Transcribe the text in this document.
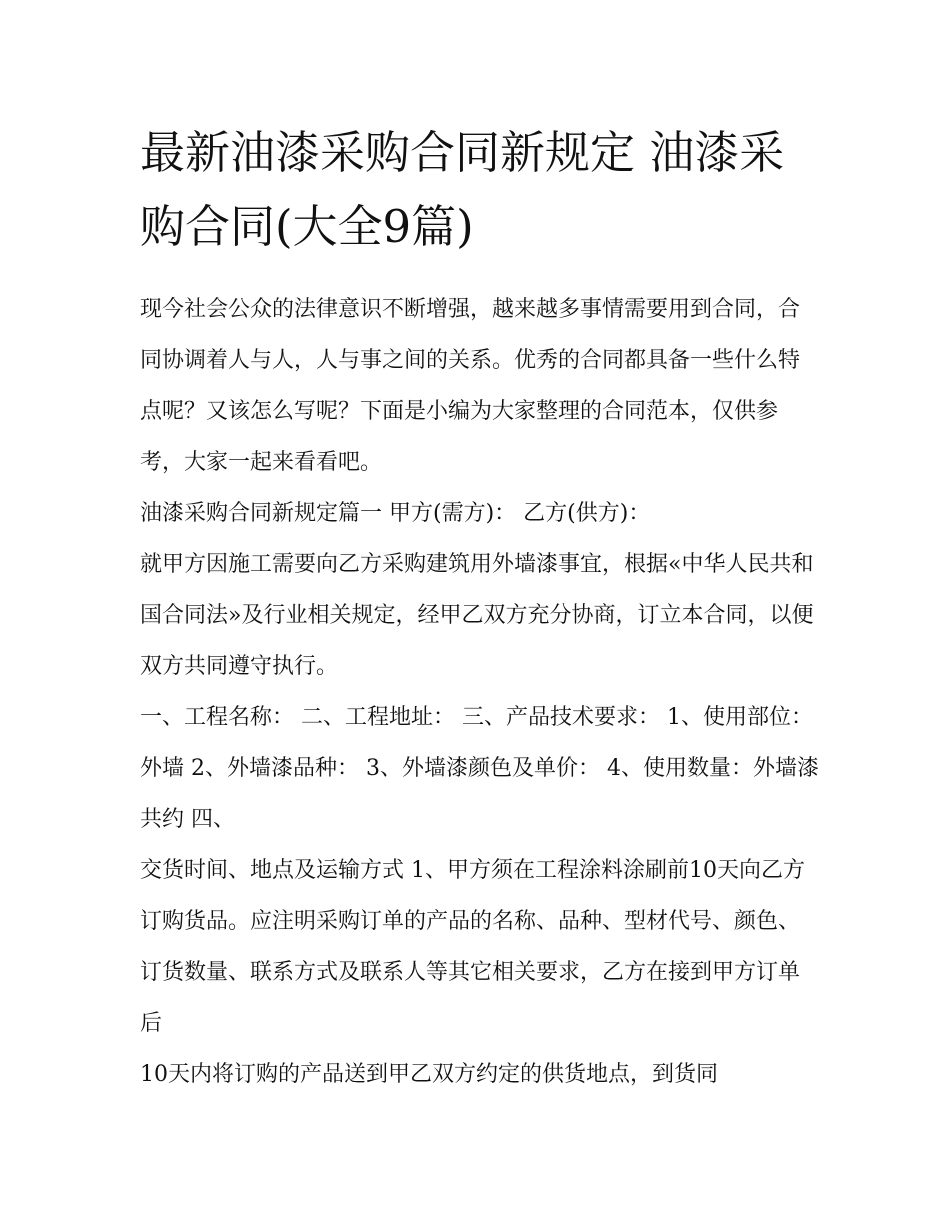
最新油漆采购合同新规定 油漆采购合同(大全9篇)

现今社会公众的法律意识不断增强，越来越多事情需要用到合同，合同协调着人与人，人与事之间的关系。优秀的合同都具备一些什么特点呢？又该怎么写呢？下面是小编为大家整理的合同范本，仅供参考，大家一起来看看吧。

油漆采购合同新规定篇一 甲方(需方)： 乙方(供方)：

就甲方因施工需要向乙方采购建筑用外墙漆事宜，根据«中华人民共和国合同法»及行业相关规定，经甲乙双方充分协商，订立本合同，以便双方共同遵守执行。

一、工程名称： 二、工程地址： 三、产品技术要求： 1、使用部位：外墙 2、外墙漆品种： 3、外墙漆颜色及单价： 4、使用数量：外墙漆共约 四、

交货时间、地点及运输方式 1、甲方须在工程涂料涂刷前10天向乙方订购货品。应注明采购订单的产品的名称、品种、型材代号、颜色、订货数量、联系方式及联系人等其它相关要求，乙方在接到甲方订单后

10天内将订购的产品送到甲乙双方约定的供货地点，到货同
